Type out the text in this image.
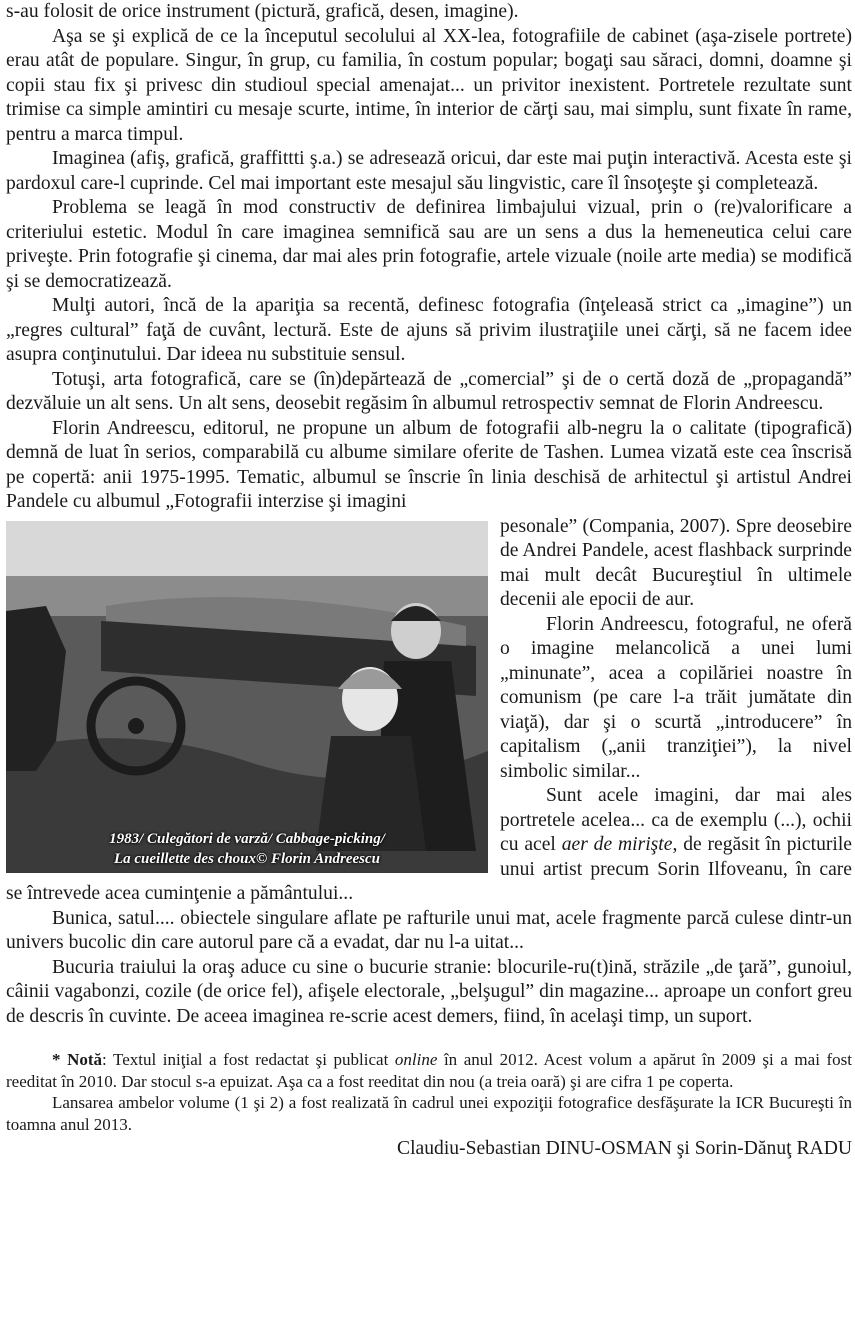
s-au folosit de orice instrument (pictură, grafică, desen, imagine).

Aşa se şi explică de ce la începutul secolului al XX-lea, fotografiile de cabinet (aşa-zisele portrete) erau atât de populare. Singur, în grup, cu familia, în costum popular; bogaţi sau săraci, domni, doamne şi copii stau fix şi privesc din studioul special amenajat... un privitor inexistent. Portretele rezultate sunt trimise ca simple amintiri cu mesaje scurte, intime, în interior de cărţi sau, mai simplu, sunt fixate în rame, pentru a marca timpul.

Imaginea (afiş, grafică, graffittti ş.a.) se adresează oricui, dar este mai puţin interactivă. Acesta este şi pardoxul care-l cuprinde. Cel mai important este mesajul său lingvistic, care îl însoţeşte şi completează.

Problema se leagă în mod constructiv de definirea limbajului vizual, prin o (re)valorificare a criteriului estetic. Modul în care imaginea semnifică sau are un sens a dus la hemeneutica celui care priveşte. Prin fotografie şi cinema, dar mai ales prin fotografie, artele vizuale (noile arte media) se modifică şi se democratizează.

Mulţi autori, încă de la apariţia sa recentă, definesc fotografia (înţeleasă strict ca „imagine”) un „regres cultural” faţă de cuvânt, lectură. Este de ajuns să privim ilustraţiile unei cărţi, să ne facem idee asupra conţinutului. Dar ideea nu substituie sensul.

Totuşi, arta fotografică, care se (în)depărtează de „comercial” şi de o certă doză de „propagandă” dezvăluie un alt sens. Un alt sens, deosebit regăsim în albumul retrospectiv semnat de Florin Andreescu.

Florin Andreescu, editorul, ne propune un album de fotografii alb-negru la o calitate (tipografică) demnă de luat în serios, comparabilă cu albume similare oferite de Tashen. Lumea vizată este cea înscrisă pe copertă: anii 1975-1995. Tematic, albumul se înscrie în linia deschisă de arhitectul şi artistul Andrei Pandele cu albumul „Fotografii interzise şi imagini

1983/ Culegători de varză/ Cabbage-picking/
La cueillette des choux© Florin Andreescu

pesonale” (Compania, 2007). Spre deosebire de Andrei Pandele, acest flashback surprinde mai mult decât Bucureştiul în ultimele decenii ale epocii de aur.

Florin Andreescu, fotograful, ne oferă o imagine melancolică a unei lumi „minunate”, acea a copilăriei noastre în comunism (pe care l-a trăit jumătate din viaţă), dar şi o scurtă „introducere” în capitalism („anii tranziţiei”), la nivel simbolic similar...

Sunt acele imagini, dar mai ales portretele acelea... ca de exemplu (...), ochii cu acel aer de mirişte, de regăsit în picturile unui artist precum Sorin Ilfoveanu, în care se întrevede acea cuminţenie a pământului...

Bunica, satul.... obiectele singulare aflate pe rafturile unui mat, acele fragmente parcă culese dintr-un univers bucolic din care autorul pare că a evadat, dar nu l-a uitat...

Bucuria traiului la oraş aduce cu sine o bucurie stranie: blocurile-ru(t)ină, străzile „de ţară”, gunoiul, câinii vagabonzi, cozile (de orice fel), afişele electorale, „belşugul” din magazine... aproape un confort greu de descris în cuvinte. De aceea imaginea re-scrie acest demers, fiind, în acelaşi timp, un suport.

* Notă: Textul iniţial a fost redactat şi publicat online în anul 2012. Acest volum a apărut în 2009 şi a mai fost reeditat în 2010. Dar stocul s-a epuizat. Aşa ca a fost reeditat din nou (a treia oară) şi are cifra 1 pe coperta.

Lansarea ambelor volume (1 şi 2) a fost realizată în cadrul unei expoziţii fotografice desfăşurate la ICR Bucureşti în toamna anul 2013.

Claudiu-Sebastian DINU-OSMAN şi Sorin-Dănuţ RADU
